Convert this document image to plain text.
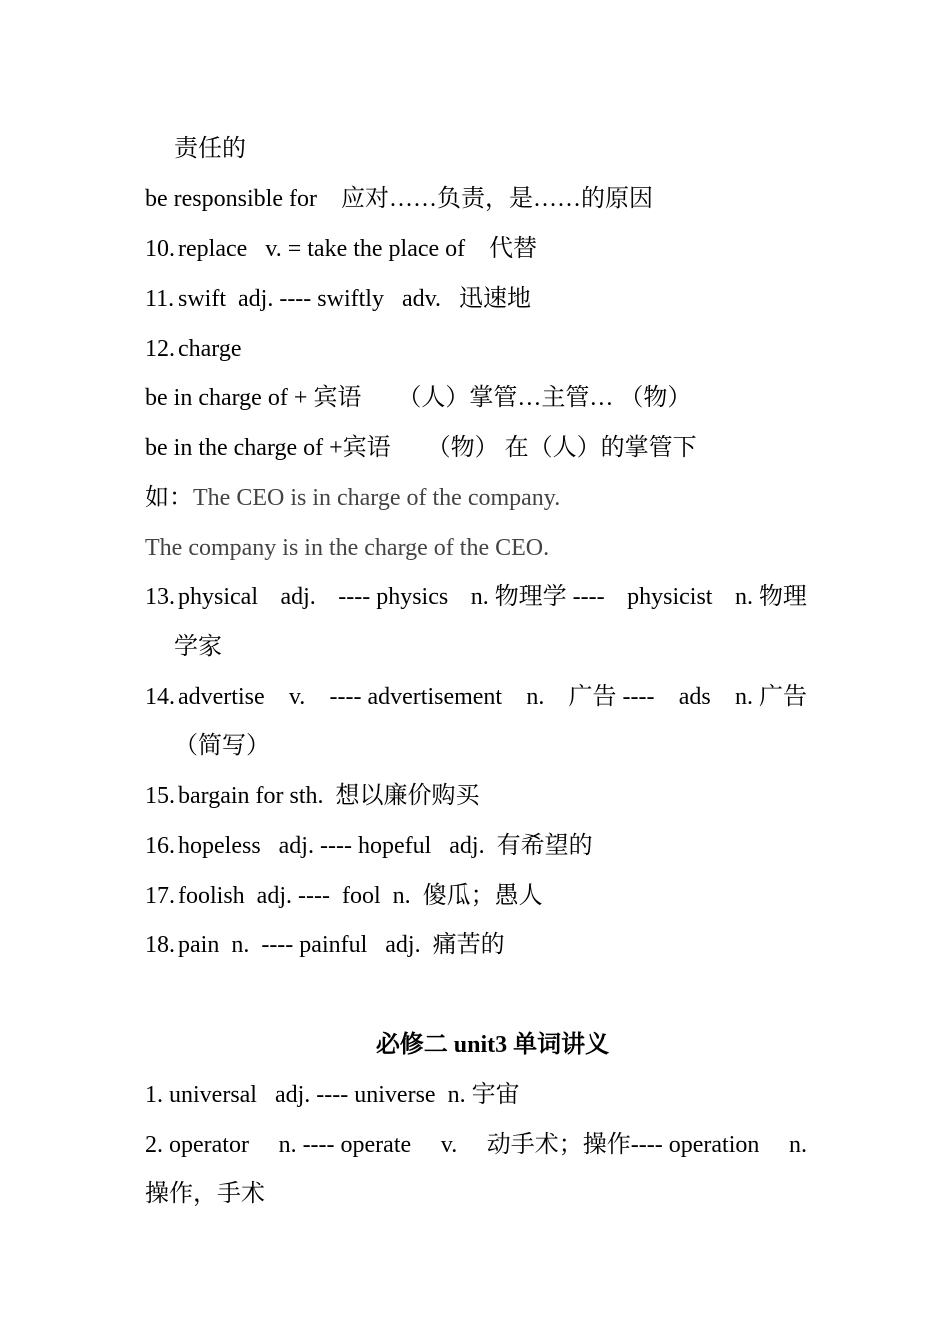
责任的
be responsible for    应对……负责，是……的原因
10. replace   v. = take the place of    代替
11. swift  adj. ---- swiftly   adv.   迅速地
12. charge
be in charge of + 宾语      （人）掌管…主管… （物）
be in the charge of +宾语      （物） 在（人）的掌管下
如：The CEO is in charge of the company.
The company is in the charge of the CEO.
13. physical adj. ---- physics n. 物理学 ---- physicist n. 物理
学家
14. advertise v. ---- advertisement n. 广告 ---- ads n. 广告
（简写）
15. bargain for sth.  想以廉价购买
16. hopeless   adj. ---- hopeful   adj.  有希望的
17. foolish  adj. ----  fool  n.  傻瓜；愚人
18. pain  n.  ---- painful   adj.  痛苦的
必修二 unit3 单词讲义
1. universal   adj. ---- universe  n. 宇宙
2. operator n. ---- operate v. 动手术；操作---- operation n.
操作，手术
